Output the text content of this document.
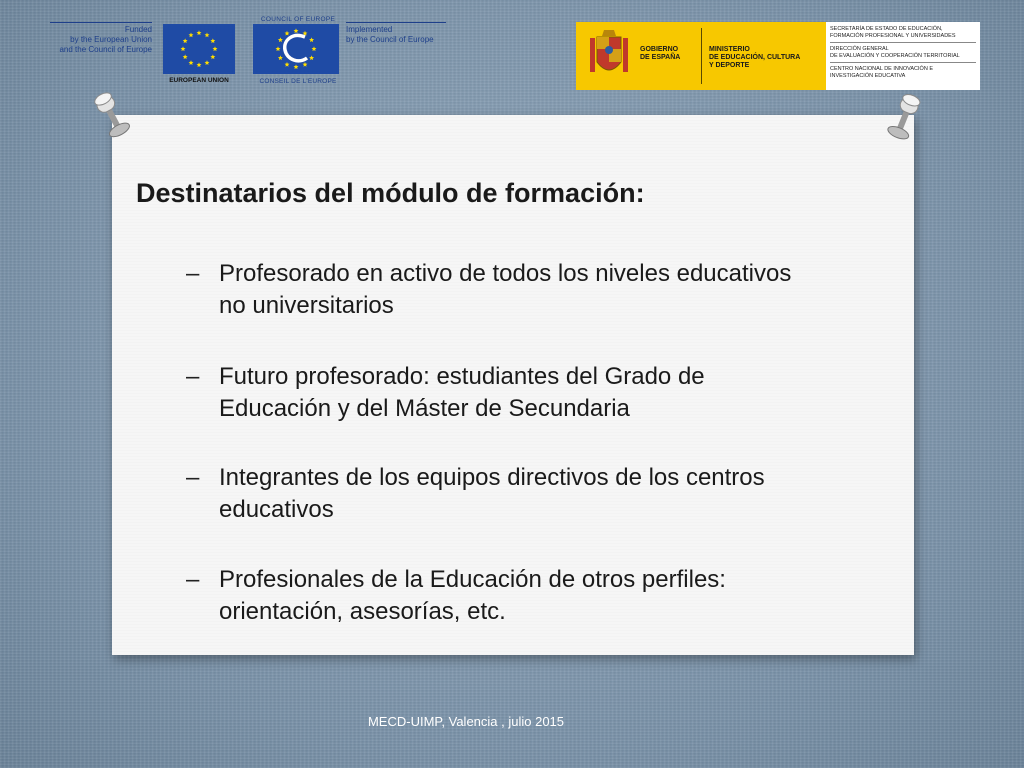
Funded
by the European Union
and the Council of Europe
EUROPEAN UNION
COUNCIL OF EUROPE
CONSEIL DE L'EUROPE
Implemented
by the Council of Europe
GOBIERNO
DE ESPAÑA
MINISTERIO
DE EDUCACIÓN, CULTURA
Y DEPORTE
SECRETARÍA DE ESTADO DE EDUCACIÓN,
FORMACIÓN PROFESIONAL Y UNIVERSIDADES
DIRECCIÓN GENERAL
DE EVALUACIÓN Y COOPERACIÓN TERRITORIAL
CENTRO NACIONAL DE INNOVACIÓN E
INVESTIGACIÓN EDUCATIVA
Destinatarios del módulo de formación:
– Profesorado en activo de todos los niveles educativos
no universitarios
– Futuro profesorado: estudiantes del Grado de
Educación y del Máster de Secundaria
– Integrantes de los equipos directivos de los centros
educativos
– Profesionales de la Educación de otros perfiles:
orientación, asesorías, etc.
MECD-UIMP, Valencia , julio 2015
